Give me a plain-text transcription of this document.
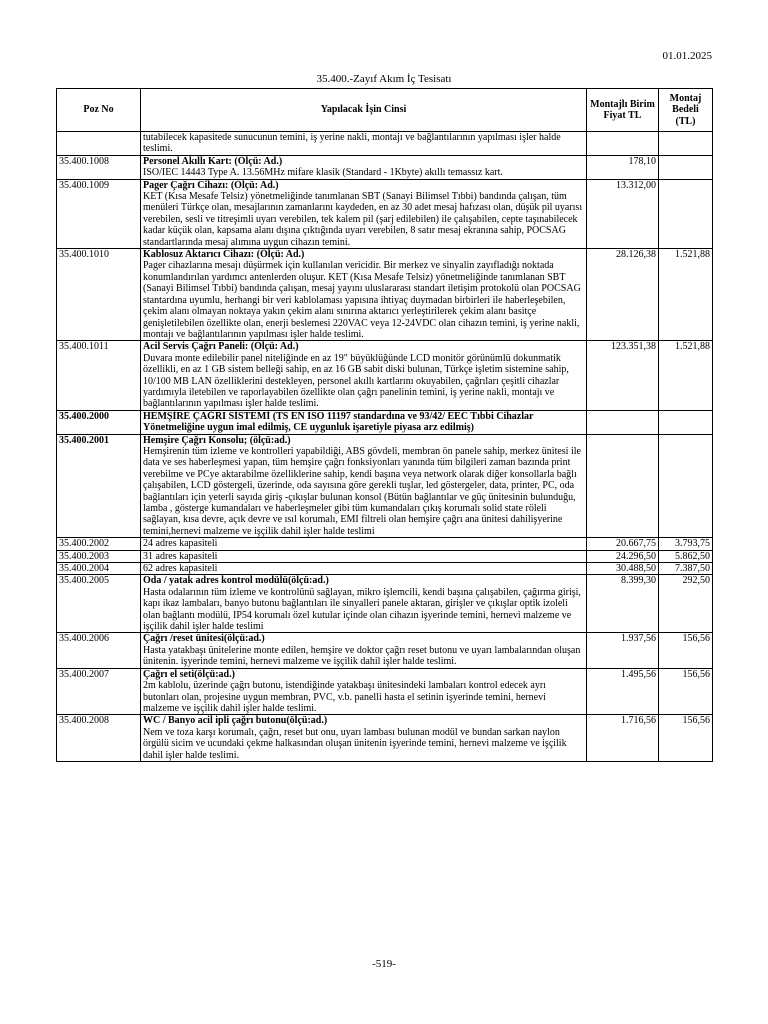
01.01.2025
35.400.-Zayıf Akım İç Tesisatı
Poz No	Yapılacak İşin Cinsi	Montajlı Birim Fiyat TL	Montaj Bedeli (TL)
	tutabilecek kapasitede sunucunun temini, iş yerine nakli, montajı ve bağlantılarının yapılması işler halde teslimi.		
35.400.1008	Personel Akıllı Kart: (Ölçü: Ad.)	178,10	
	ISO/IEC 14443 Type A. 13.56MHz mifare klasik (Standard - 1Kbyte) akıllı temassız kart.		
35.400.1009	Pager Çağrı Cihazı: (Ölçü: Ad.)	13.312,00	
	KET (Kısa Mesafe Telsiz) yönetmeliğinde tanımlanan SBT (Sanayi Bilimsel Tıbbi) bandında çalışan, tüm menüleri Türkçe olan, mesajlarının zamanlarını kaydeden, en az 30 adet mesaj hafızası olan, düşük pil uyarısı verebilen, sesli ve titreşimli uyarı verebilen, tek kalem pil (şarj edilebilen) ile çalışabilen, cepte taşınabilecek kadar küçük olan, kapsama alanı dışına çıktığında uyarı verebilen, 8 satır mesaj ekranına sahip, POCSAG standartlarında mesaj alımına uygun cihazın temini.		
35.400.1010	Kablosuz Aktarıcı Cihazı: (Ölçü: Ad.)	28.126,38	1.521,88
	Pager cihazlarına mesajı düşürmek için kullanılan vericidir. Bir merkez ve sinyalin zayıfladığı noktada konumlandırılan yardımcı antenlerden oluşur. KET (Kısa Mesafe Telsiz) yönetmeliğinde tanımlanan SBT (Sanayi Bilimsel Tıbbi) bandında çalışan, mesaj yayını uluslararası standart iletişim protokolü olan POCSAG stantardına uyumlu, herhangi bir veri kablolaması yapısına ihtiyaç duymadan birbirleri ile haberleşebilen, çekim alanı olmayan noktaya yakın çekim alanı sınırına aktarıcı yerleştirilerek çekim alanı basitçe genişletilebilen özellikte olan, enerji beslemesi 220VAC veya 12-24VDC olan cihazın temini, iş yerine nakli, montajı ve bağlantılarının yapılması işler halde teslimi.		
35.400.1011	Acil Servis Çağrı Paneli: (Ölçü: Ad.)	123.351,38	1.521,88
	Duvara monte edilebilir panel niteliğinde en az 19" büyüklüğünde LCD monitör görünümlü dokunmatik özellikli, en az 1 GB sistem belleği sahip, en az 16 GB sabit diski bulunan, Türkçe işletim sistemine sahip, 10/100 MB LAN özelliklerini destekleyen, personel akıllı kartlarını okuyabilen, çağrıları çeşitli cihazlar yardımıyla iletebilen ve raporlayabilen özellikte olan çağrı panelinin temini, iş yerine nakli, montajı ve bağlantılarının yapılması işler halde teslimi.		
35.400.2000	HEMŞİRE ÇAĞRI SİSTEMİ (TS EN ISO 11197 standardına ve 93/42/ EEC Tıbbi Cihazlar Yönetmeliğine uygun imal edilmiş, CE uygunluk işaretiyle piyasa arz edilmiş)		
35.400.2001	Hemşire Çağrı Konsolu; (ölçü:ad.)		
	Hemşirenin tüm izleme ve kontrolleri yapabildiği, ABS gövdeli, membran ön panele sahip, merkez ünitesi ile data ve ses haberleşmesi yapan, tüm hemşire çağrı fonksiyonları yanında tüm bilgileri zaman bazında print verebilme ve PCye aktarabilme özelliklerine sahip, kendi başına veya network olarak diğer konsollarla bağlı çalışabilen, LCD göstergeli, üzerinde, oda sayısına göre gerekli tuşlar, led göstergeler, data, printer, PC, oda bağlantıları için yeterli sayıda giriş -çıkışlar bulunan konsol (Bütün bağlantılar ve güç ünitesinin bulunduğu, lamba , gösterge kumandaları ve haberleşmeler gibi tüm kumandaları çıkış korumalı solid state röleli sağlayan, kısa devre, açık devre ve ısıl korumalı, EMI filtreli olan hemşire çağrı ana ünitesi dahilişyerine temini,hernevi malzeme ve işçilik dahil işler halde teslimi		
35.400.2002	24 adres kapasiteli	20.667,75	3.793,75
35.400.2003	31 adres kapasiteli	24.296,50	5.862,50
35.400.2004	62 adres kapasiteli	30.488,50	7.387,50
35.400.2005	Oda / yatak adres kontrol modülü(ölçü:ad.)	8.399,30	292,50
	Hasta odalarının tüm izleme ve kontrolünü sağlayan, mikro işlemcili, kendi başına çalışabilen, çağırma girişi, kapı ikaz lambaları, banyo butonu bağlantıları ile sinyalleri panele aktaran, girişler ve çıkışlar optik izoleli olan bağlantı modülü, IP54 korumalı özel kutular içinde olan cihazın işyerinde temini, hernevi malzeme ve işçilik dahil işler halde teslimi		
35.400.2006	Çağrı /reset ünitesi(ölçü:ad.)	1.937,56	156,56
	Hasta yatakbaşı ünitelerine monte edilen, hemşire ve doktor çağrı reset butonu ve uyarı lambalarından oluşan ünitenin. işyerinde temini, hernevi malzeme ve işçilik dahil işler halde teslimi.		
35.400.2007	Çağrı el seti(ölçü:ad.)	1.495,56	156,56
	2m kablolu, üzerinde çağrı butonu, istendiğinde yatakbaşı ünitesindeki lambaları kontrol edecek ayrı butonları olan, projesine uygun membran, PVC, v.b. panelli hasta el setinin işyerinde temini, hernevi malzeme ve işçilik dahil işler halde teslimi.		
35.400.2008	WC / Banyo acil ipli çağrı butonu(ölçü:ad.)	1.716,56	156,56
	Nem ve toza karşı korumalı, çağrı, reset but onu, uyarı lambası bulunan modül ve bundan sarkan naylon örgülü sicim ve ucundaki çekme halkasından oluşan ünitenin işyerinde temini, hernevi malzeme ve işçilik dahil işler halde teslimi.		
-519-
